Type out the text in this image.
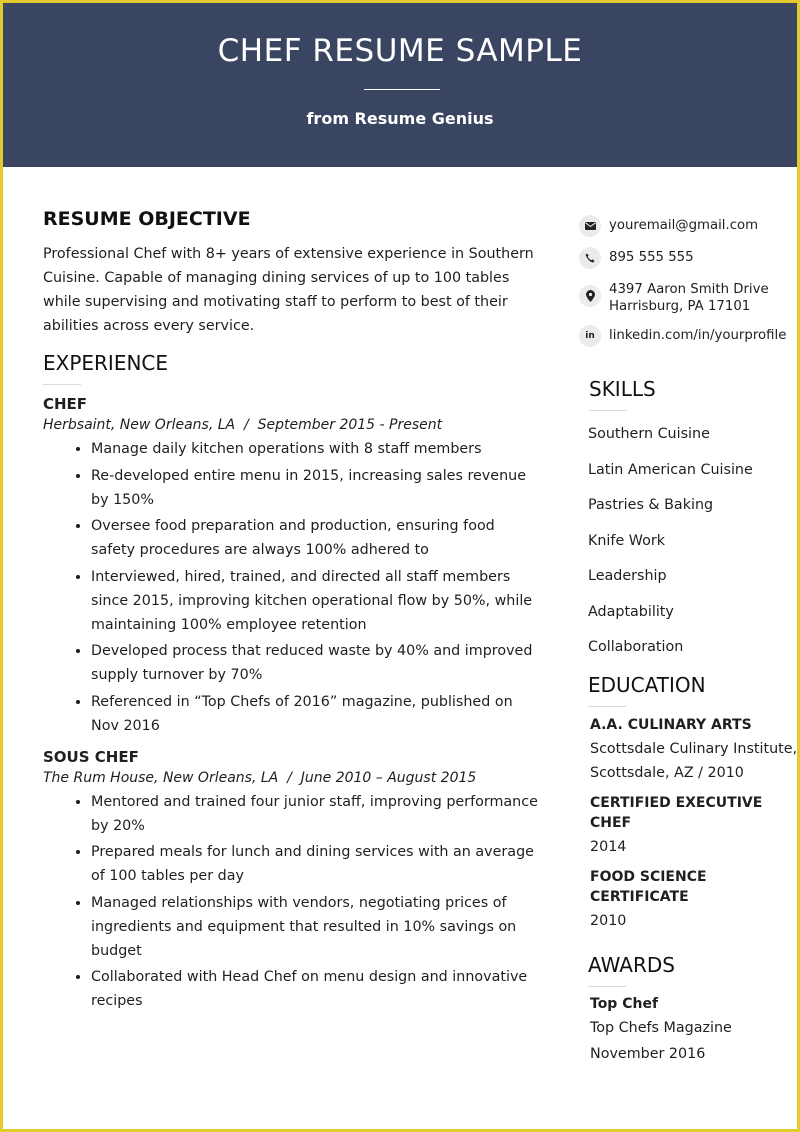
CHEF RESUME SAMPLE
from Resume Genius
RESUME OBJECTIVE

Professional Chef with 8+ years of extensive experience in Southern Cuisine. Capable of managing dining services of up to 100 tables while supervising and motivating staff to perform to best of their abilities across every service.

EXPERIENCE
CHEF
Herbsaint, New Orleans, LA  /  September 2015 - Present
• Manage daily kitchen operations with 8 staff members
• Re-developed entire menu in 2015, increasing sales revenue by 150%
• Oversee food preparation and production, ensuring food safety procedures are always 100% adhered to
• Interviewed, hired, trained, and directed all staff members since 2015, improving kitchen operational flow by 50%, while maintaining 100% employee retention
• Developed process that reduced waste by 40% and improved supply turnover by 70%
• Referenced in “Top Chefs of 2016” magazine, published on Nov 2016
SOUS CHEF
The Rum House, New Orleans, LA  /  June 2010 – August 2015
• Mentored and trained four junior staff, improving performance by 20%
• Prepared meals for lunch and dining services with an average of 100 tables per day
• Managed relationships with vendors, negotiating prices of ingredients and equipment that resulted in 10% savings on budget
• Collaborated with Head Chef on menu design and innovative recipes
youremail@gmail.com
895 555 555
4397 Aaron Smith Drive
Harrisburg, PA 17101
in	linkedin.com/in/yourprofile
SKILLS
Southern Cuisine
Latin American Cuisine
Pastries & Baking
Knife Work
Leadership
Adaptability
Collaboration
EDUCATION
A.A. CULINARY ARTS
Scottsdale Culinary Institute,
Scottsdale, AZ / 2010
CERTIFIED EXECUTIVE CHEF
2014
FOOD SCIENCE CERTIFICATE
2010
AWARDS
Top Chef
Top Chefs Magazine
November 2016
